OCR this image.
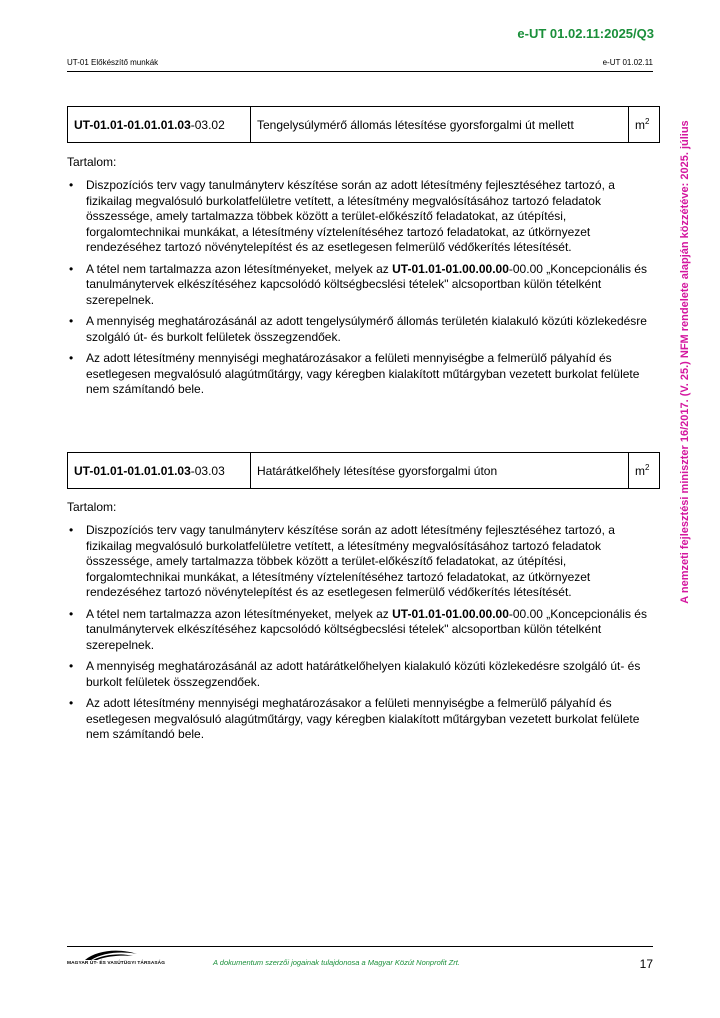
e-UT 01.02.11:2025/Q3
UT-01 Előkészítő munkák	e-UT 01.02.11
A nemzeti fejlesztési miniszter 16/2017. (V. 25.) NFM rendelete alapján közzétéve: 2025. július
UT-01.01-01.01.01.03-03.02	Tengelysúlymérő állomás létesítése gyorsforgalmi út mellett	$m^2$
Tartalom:
• Diszpozíciós terv vagy tanulmányterv készítése során az adott létesítmény fejlesztéséhez tartozó, a fizikailag megvalósuló burkolatfelületre vetített, a létesítmény megvalósításához tartozó feladatok összessége, amely tartalmazza többek között a terület-előkészítő feladatokat, az útépítési, forgalomtechnikai munkákat, a létesítmény víztelenítéséhez tartozó feladatokat, az útkörnyezet rendezéséhez tartozó növénytelepítést és az esetlegesen felmerülő védőkerítés létesítését.
• A tétel nem tartalmazza azon létesítményeket, melyek az UT-01.01-01.00.00.00-00.00 „Koncepcionális és tanulmánytervek elkészítéséhez kapcsolódó költségbecslési tételek" alcsoportban külön tételként szerepelnek.
• A mennyiség meghatározásánál az adott tengelysúlymérő állomás területén kialakuló közúti közlekedésre szolgáló út- és burkolt felületek összegzendőek.
• Az adott létesítmény mennyiségi meghatározásakor a felületi mennyiségbe a felmerülő pályahíd és esetlegesen megvalósuló alagútműtárgy, vagy kéregben kialakított műtárgyban vezetett burkolat felülete nem számítandó bele.
UT-01.01-01.01.01.03-03.03	Határátkelőhely létesítése gyorsforgalmi úton	$m^2$
Tartalom:
• Diszpozíciós terv vagy tanulmányterv készítése során az adott létesítmény fejlesztéséhez tartozó, a fizikailag megvalósuló burkolatfelületre vetített, a létesítmény megvalósításához tartozó feladatok összessége, amely tartalmazza többek között a terület-előkészítő feladatokat, az útépítési, forgalomtechnikai munkákat, a létesítmény víztelenítéséhez tartozó feladatokat, az útkörnyezet rendezéséhez tartozó növénytelepítést és az esetlegesen felmerülő védőkerítés létesítését.
• A tétel nem tartalmazza azon létesítményeket, melyek az UT-01.01-01.00.00.00-00.00 „Koncepcionális és tanulmánytervek elkészítéséhez kapcsolódó költségbecslési tételek" alcsoportban külön tételként szerepelnek.
• A mennyiség meghatározásánál az adott határátkelőhelyen kialakuló közúti közlekedésre szolgáló út- és burkolt felületek összegzendőek.
• Az adott létesítmény mennyiségi meghatározásakor a felületi mennyiségbe a felmerülő pályahíd és esetlegesen megvalósuló alagútműtárgy, vagy kéregben kialakított műtárgyban vezetett burkolat felülete nem számítandó bele.
MAGYAR ÚT- ÉS VASÚTÜGYI TÁRSASÁG	A dokumentum szerzői jogainak tulajdonosa a Magyar Közút Nonprofit Zrt.	17
